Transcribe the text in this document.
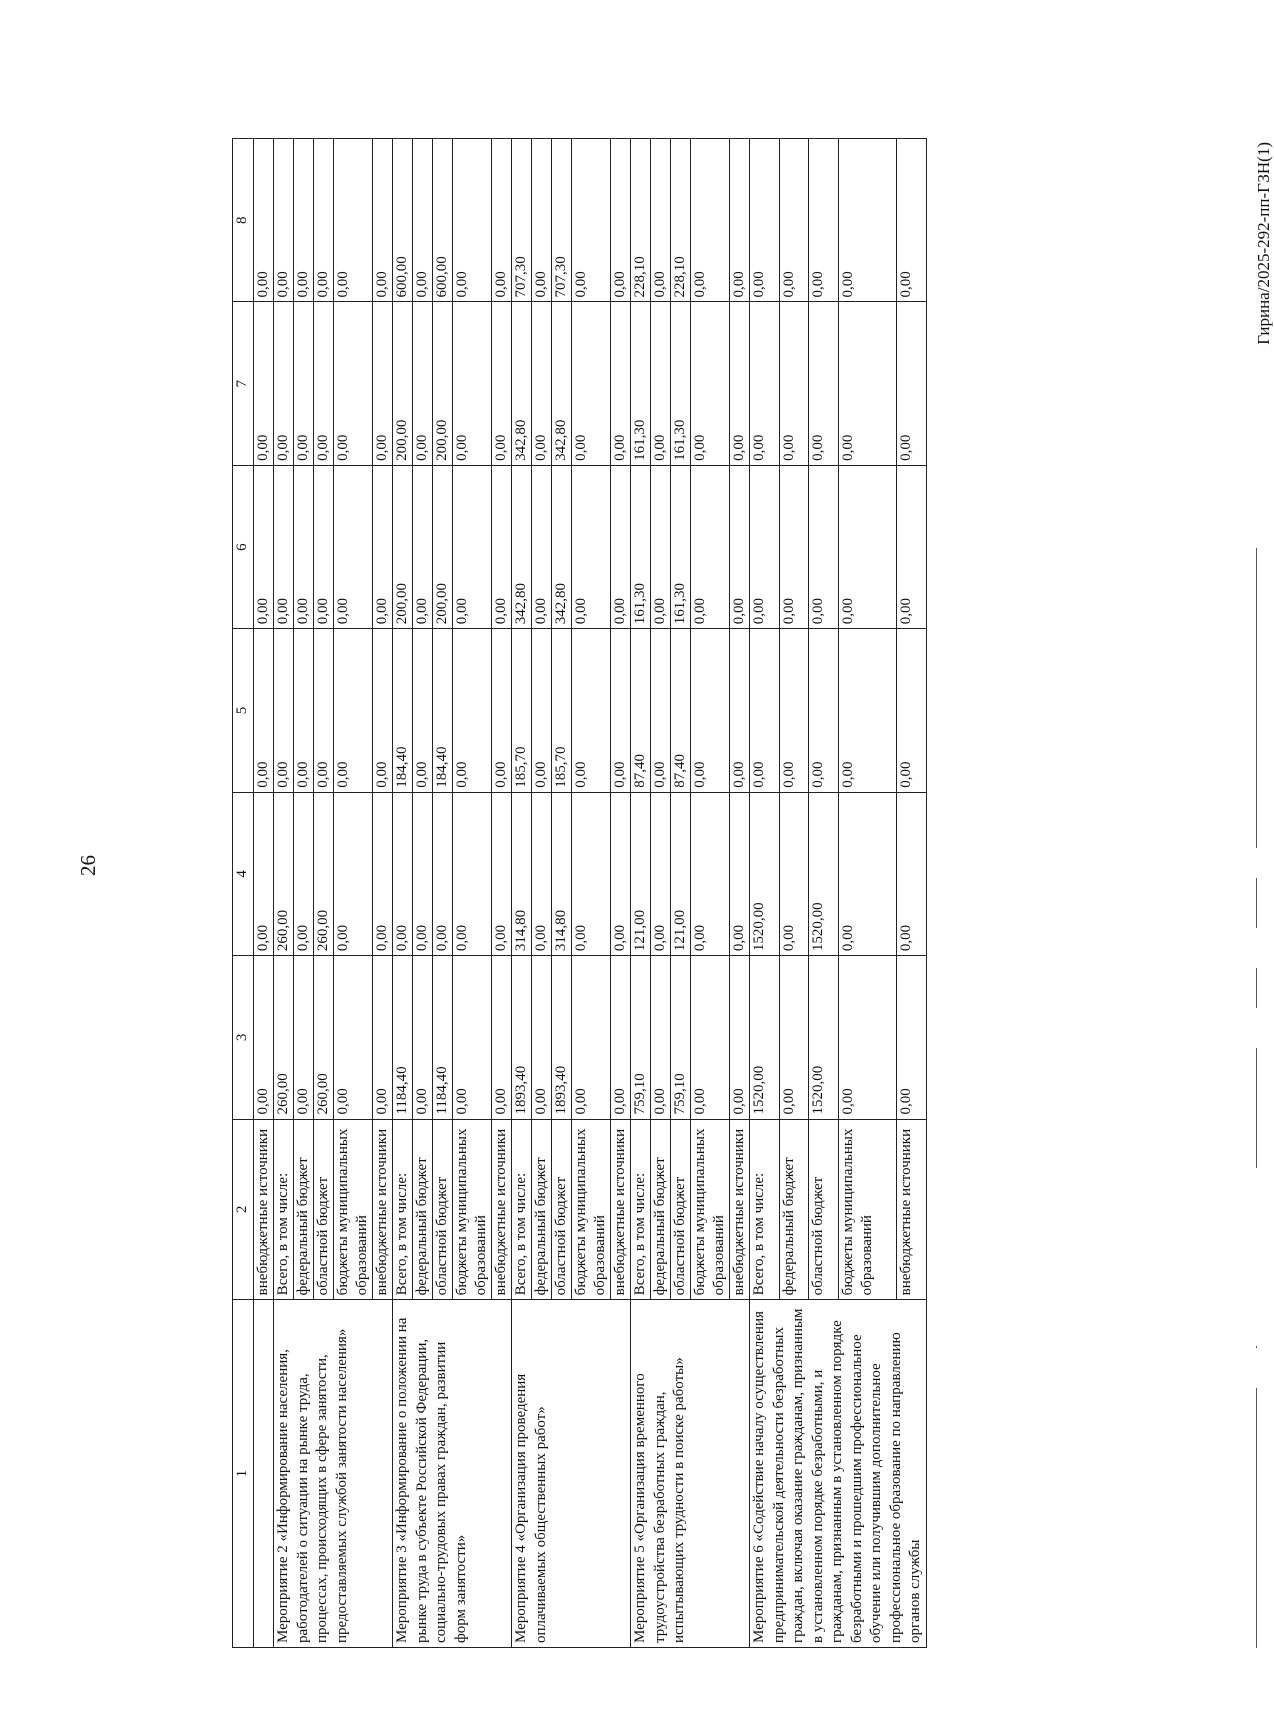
26
1	2	3	4	5	6	7	8
	внебюджетные источники	0,00	0,00	0,00	0,00	0,00	0,00
Мероприятие 2 «Информирование населения, работодателей о ситуации на рынке труда, процессах, происходящих в сфере занятости, предоставляемых службой занятости населения»	Всего, в том числе:	260,00	260,00	0,00	0,00	0,00	0,00
	федеральный бюджет	0,00	0,00	0,00	0,00	0,00	0,00
	областной бюджет	260,00	260,00	0,00	0,00	0,00	0,00
	бюджеты муниципальных образований	0,00	0,00	0,00	0,00	0,00	0,00
	внебюджетные источники	0,00	0,00	0,00	0,00	0,00	0,00
Мероприятие 3 «Информирование о положении на рынке труда в субъекте Российской Федерации, социально-трудовых правах граждан, развитии форм занятости»	Всего, в том числе:	1184,40	0,00	184,40	200,00	200,00	600,00
	федеральный бюджет	0,00	0,00	0,00	0,00	0,00	0,00
	областной бюджет	1184,40	0,00	184,40	200,00	200,00	600,00
	бюджеты муниципальных образований	0,00	0,00	0,00	0,00	0,00	0,00
	внебюджетные источники	0,00	0,00	0,00	0,00	0,00	0,00
Мероприятие 4 «Организация проведения оплачиваемых общественных работ»	Всего, в том числе:	1893,40	314,80	185,70	342,80	342,80	707,30
	федеральный бюджет	0,00	0,00	0,00	0,00	0,00	0,00
	областной бюджет	1893,40	314,80	185,70	342,80	342,80	707,30
	бюджеты муниципальных образований	0,00	0,00	0,00	0,00	0,00	0,00
	внебюджетные источники	0,00	0,00	0,00	0,00	0,00	0,00
Мероприятие 5 «Организация временного трудоустройства безработных граждан, испытывающих трудности в поиске работы»	Всего, в том числе:	759,10	121,00	87,40	161,30	161,30	228,10
	федеральный бюджет	0,00	0,00	0,00	0,00	0,00	0,00
	областной бюджет	759,10	121,00	87,40	161,30	161,30	228,10
	бюджеты муниципальных образований	0,00	0,00	0,00	0,00	0,00	0,00
	внебюджетные источники	0,00	0,00	0,00	0,00	0,00	0,00
Мероприятие 6 «Содействие началу осуществления предпринимательской деятельности безработных граждан, включая оказание гражданам, признанным в установленном порядке безработными, и гражданам, признанным в установленном порядке безработными и прошедшим профессиональное обучение или получившим дополнительное профессиональное образование по направлению органов службы	Всего, в том числе:	1520,00	1520,00	0,00	0,00	0,00	0,00
	федеральный бюджет	0,00	0,00	0,00	0,00	0,00	0,00
	областной бюджет	1520,00	1520,00	0,00	0,00	0,00	0,00
	бюджеты муниципальных образований	0,00	0,00	0,00	0,00	0,00	0,00
	внебюджетные источники	0,00	0,00	0,00	0,00	0,00	0,00	Гирина/2025-292-пп-ГЗН(1)
